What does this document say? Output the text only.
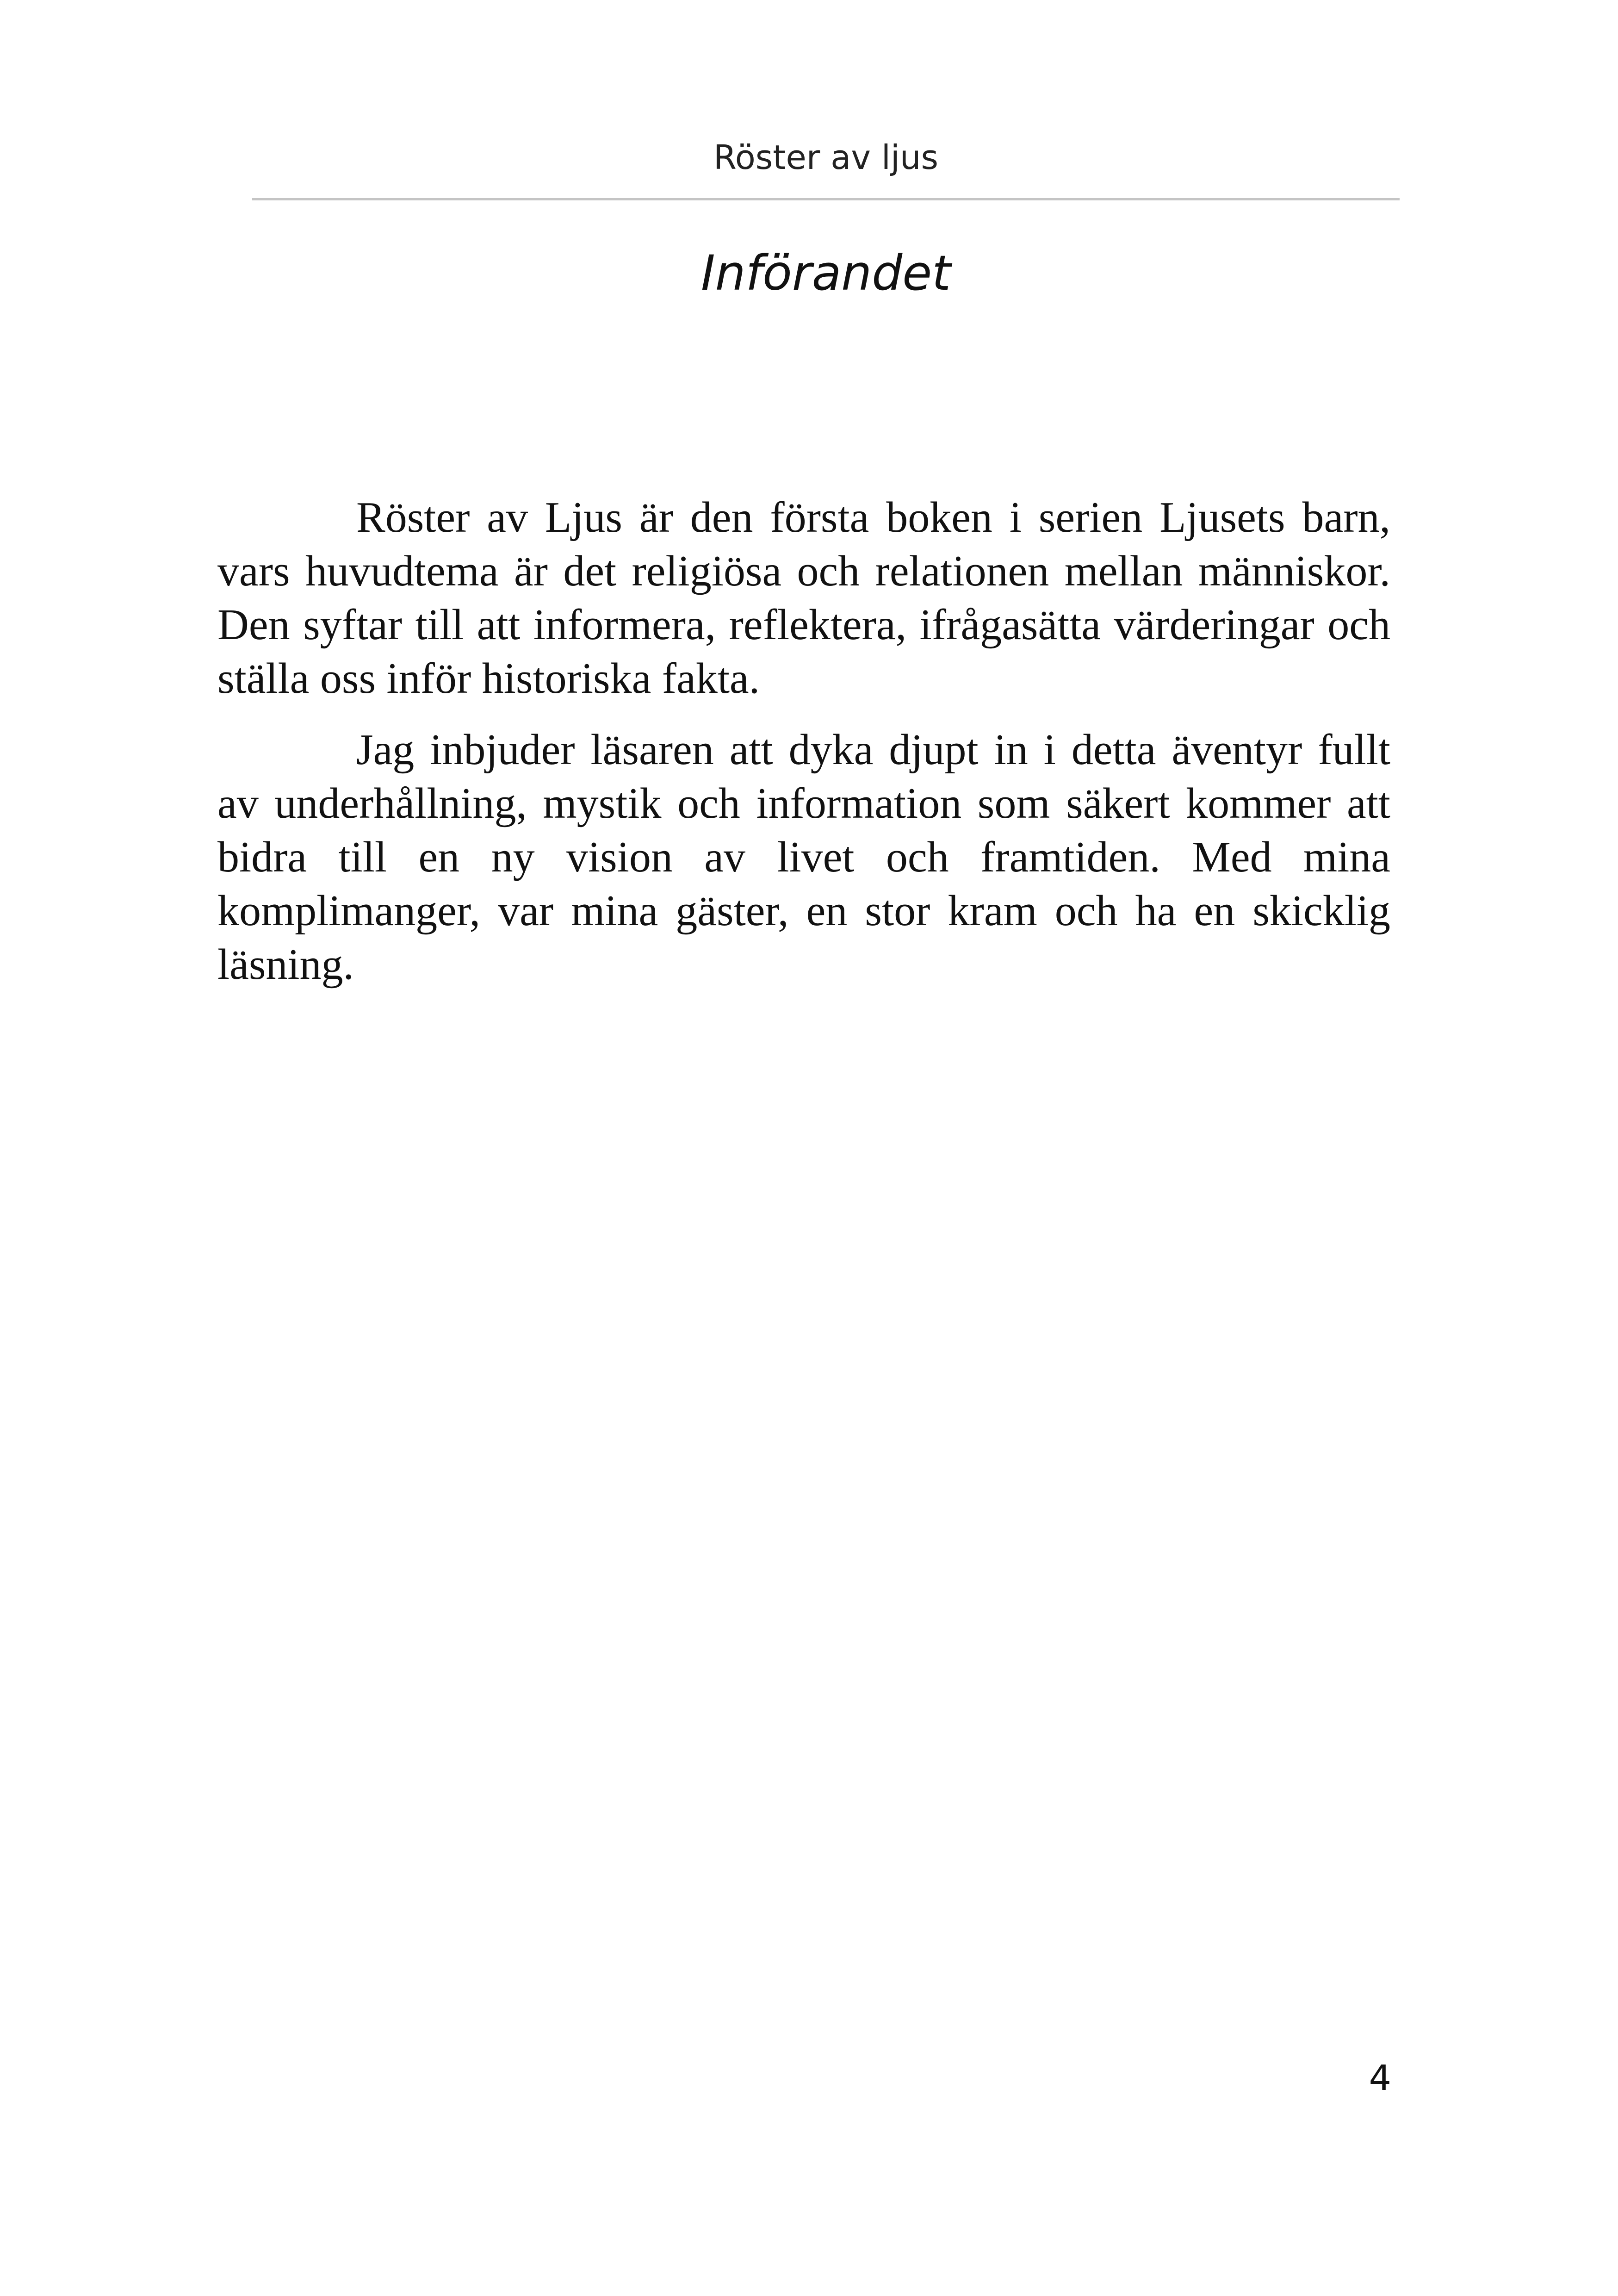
Röster av ljus
Införandet

Röster av Ljus är den första boken i serien Ljusets barn, vars huvudtema är det religiösa och relationen mellan människor. Den syftar till att informera, reflektera, ifrågasätta värderingar och ställa oss inför historiska fakta.

Jag inbjuder läsaren att dyka djupt in i detta äventyr fullt av underhållning, mystik och information som säkert kommer att bidra till en ny vision av livet och framtiden. Med mina komplimanger, var mina gäster, en stor kram och ha en skicklig läsning.

4
